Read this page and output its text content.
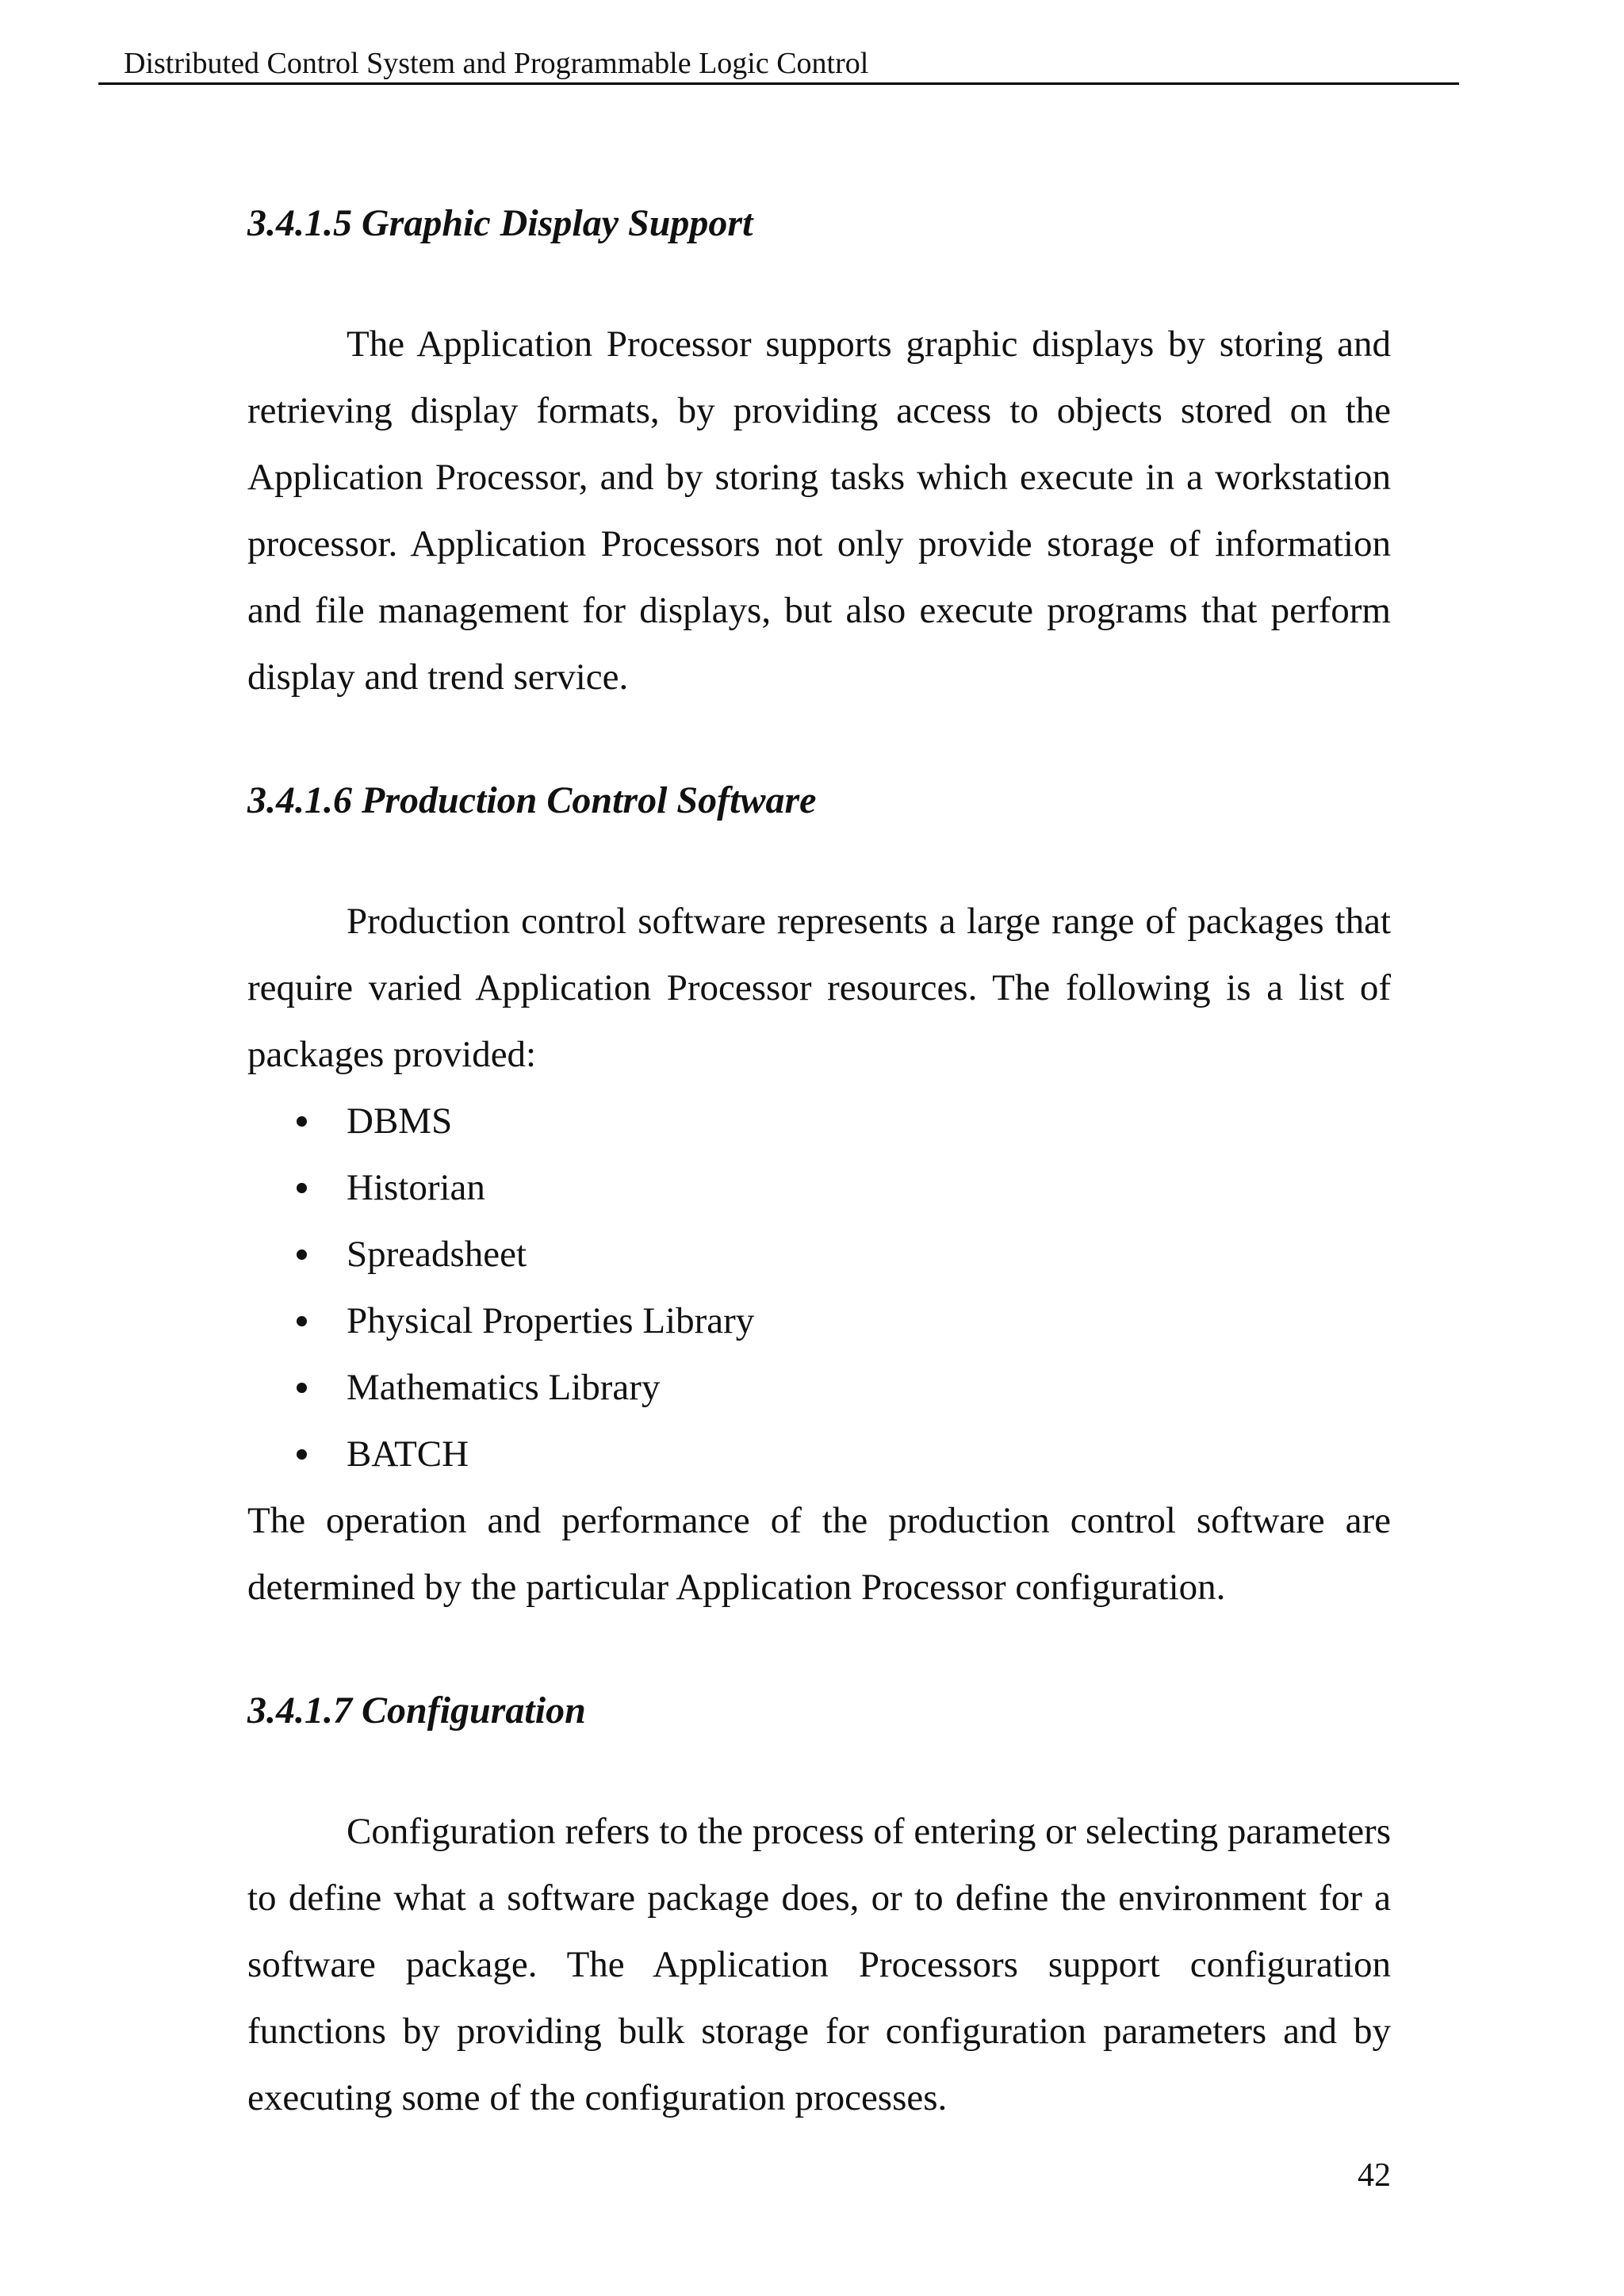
Distributed Control System and Programmable Logic Control
3.4.1.5 Graphic Display Support

The Application Processor supports graphic displays by storing and retrieving display formats, by providing access to objects stored on the Application Processor, and by storing tasks which execute in a workstation processor. Application Processors not only provide storage of information and file management for displays, but also execute programs that perform display and trend service.

3.4.1.6 Production Control Software

Production control software represents a large range of packages that require varied Application Processor resources. The following is a list of packages provided:

DBMS
Historian
Spreadsheet
Physical Properties Library
Mathematics Library
BATCH

The operation and performance of the production control software are determined by the particular Application Processor configuration.

3.4.1.7 Configuration

Configuration refers to the process of entering or selecting parameters to define what a software package does, or to define the environment for a software package. The Application Processors support configuration functions by providing bulk storage for configuration parameters and by executing some of the configuration processes.

42
